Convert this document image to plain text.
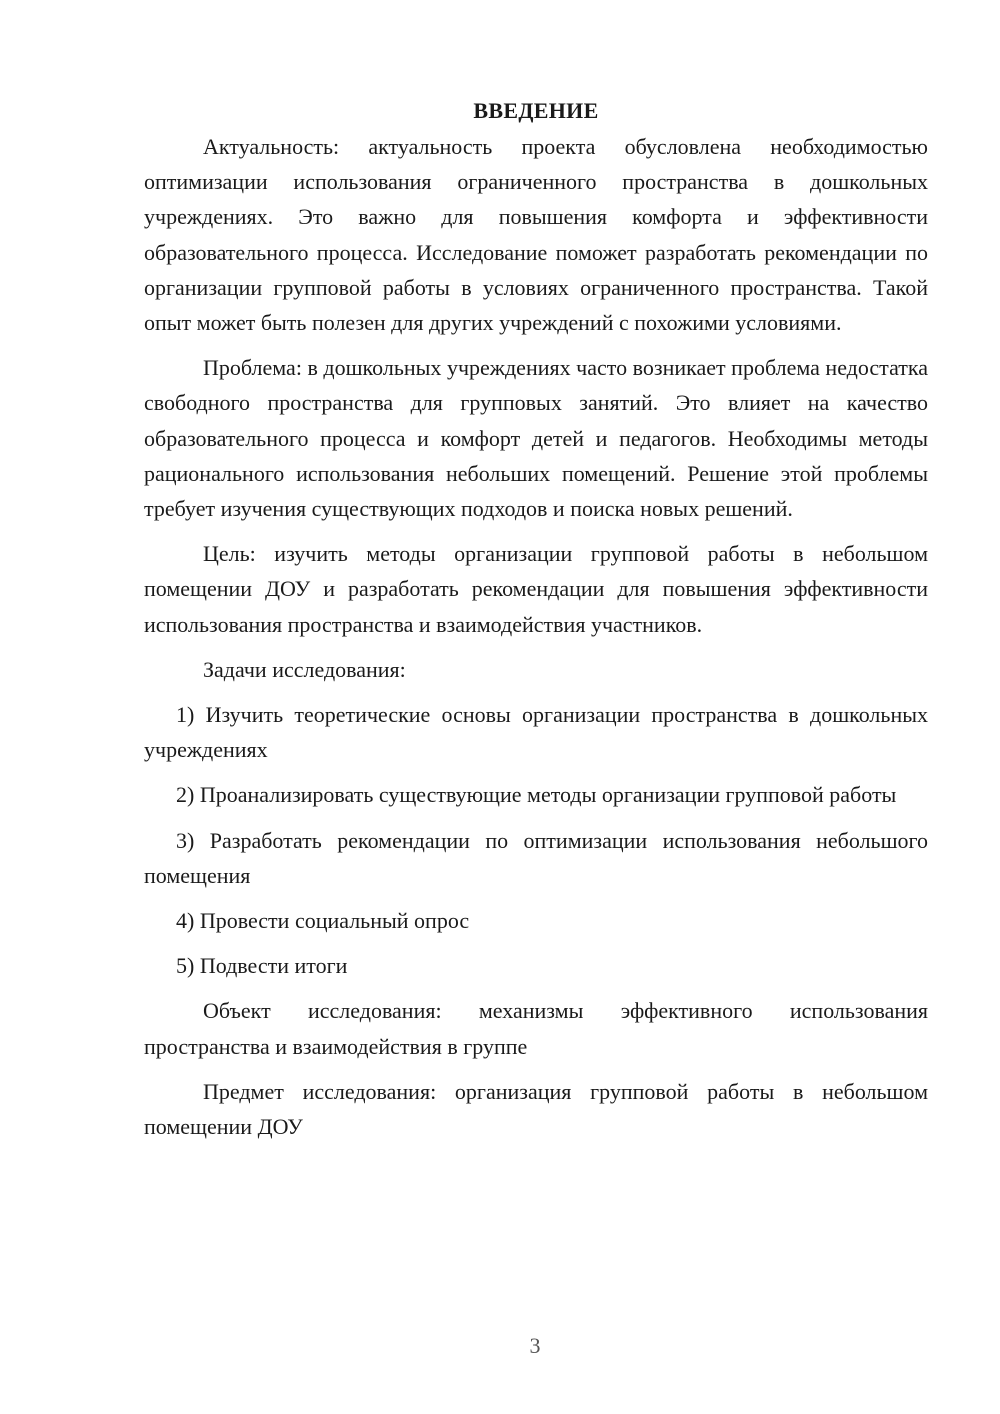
ВВЕДЕНИЕ

Актуальность: актуальность проекта обусловлена необходимостью оптимизации использования ограниченного пространства в дошкольных учреждениях. Это важно для повышения комфорта и эффективности образовательного процесса. Исследование поможет разработать рекомендации по организации групповой работы в условиях ограниченного пространства. Такой опыт может быть полезен для других учреждений с похожими условиями.

Проблема: в дошкольных учреждениях часто возникает проблема недостатка свободного пространства для групповых занятий. Это влияет на качество образовательного процесса и комфорт детей и педагогов. Необходимы методы рационального использования небольших помещений. Решение этой проблемы требует изучения существующих подходов и поиска новых решений.

Цель: изучить методы организации групповой работы в небольшом помещении ДОУ и разработать рекомендации для повышения эффективности использования пространства и взаимодействия участников.

Задачи исследования:

1) Изучить теоретические основы организации пространства в дошкольных учреждениях

2) Проанализировать существующие методы организации групповой работы

3) Разработать рекомендации по оптимизации использования небольшого помещения

4) Провести социальный опрос

5) Подвести итоги

Объект исследования: механизмы эффективного использования пространства и взаимодействия в группе

Предмет исследования: организация групповой работы в небольшом помещении ДОУ

3
